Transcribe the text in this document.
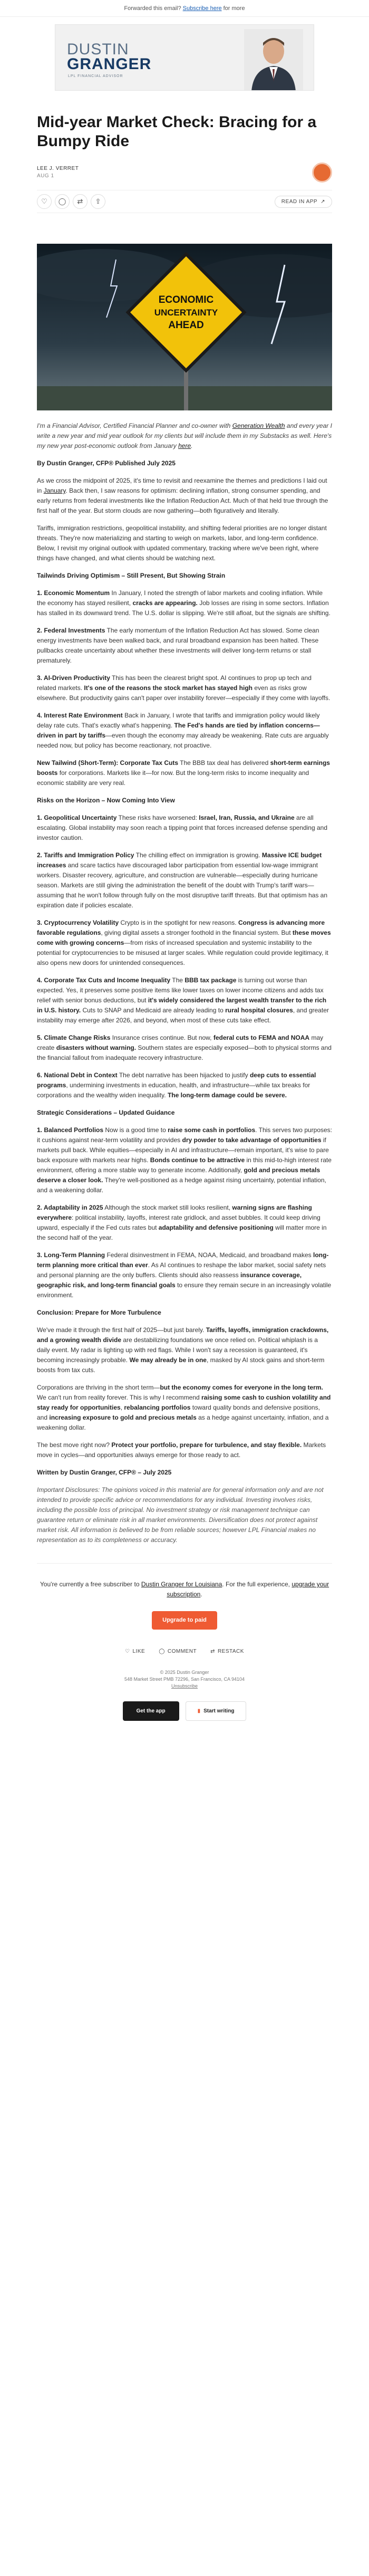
Forwarded this email? Subscribe here for more
DUSTIN
GRANGER
LPL FINANCIAL ADVISOR
Mid-year Market Check: Bracing for a Bumpy Ride
LEE J. VERRET
AUG 1
♡	◯	⇄	⇪	READ IN APP ↗
ECONOMIC
UNCERTAINTY
AHEAD

I'm a Financial Advisor, Certified Financial Planner and co-owner with Generation Wealth and every year I write a new year and mid year outlook for my clients but will include them in my Substacks as well. Here's my new year post-economic outlook from January here.

By Dustin Granger, CFP® Published July 2025

As we cross the midpoint of 2025, it's time to revisit and reexamine the themes and predictions I laid out in January. Back then, I saw reasons for optimism: declining inflation, strong consumer spending, and early returns from federal investments like the Inflation Reduction Act. Much of that held true through the first half of the year. But storm clouds are now gathering—both figuratively and literally.

Tariffs, immigration restrictions, geopolitical instability, and shifting federal priorities are no longer distant threats. They're now materializing and starting to weigh on markets, labor, and long-term confidence. Below, I revisit my original outlook with updated commentary, tracking where we've been right, where things have changed, and what clients should be watching next.

Tailwinds Driving Optimism – Still Present, But Showing Strain

1. Economic Momentum In January, I noted the strength of labor markets and cooling inflation. While the economy has stayed resilient, cracks are appearing. Job losses are rising in some sectors. Inflation has stalled in its downward trend. The U.S. dollar is slipping. We're still afloat, but the signals are shifting.

2. Federal Investments The early momentum of the Inflation Reduction Act has slowed. Some clean energy investments have been walked back, and rural broadband expansion has been halted. These pullbacks create uncertainty about whether these investments will deliver long-term returns or stall prematurely.

3. AI-Driven Productivity This has been the clearest bright spot. AI continues to prop up tech and related markets. It's one of the reasons the stock market has stayed high even as risks grow elsewhere. But productivity gains can't paper over instability forever—especially if they come with layoffs.

4. Interest Rate Environment Back in January, I wrote that tariffs and immigration policy would likely delay rate cuts. That's exactly what's happening. The Fed's hands are tied by inflation concerns—driven in part by tariffs—even though the economy may already be weakening. Rate cuts are arguably needed now, but policy has become reactionary, not proactive.

New Tailwind (Short-Term): Corporate Tax Cuts The BBB tax deal has delivered short-term earnings boosts for corporations. Markets like it—for now. But the long-term risks to income inequality and economic stability are very real.

Risks on the Horizon – Now Coming Into View

1. Geopolitical Uncertainty These risks have worsened: Israel, Iran, Russia, and Ukraine are all escalating. Global instability may soon reach a tipping point that forces increased defense spending and investor caution.

2. Tariffs and Immigration Policy The chilling effect on immigration is growing. Massive ICE budget increases and scare tactics have discouraged labor participation from essential low-wage immigrant workers. Disaster recovery, agriculture, and construction are vulnerable—especially during hurricane season. Markets are still giving the administration the benefit of the doubt with Trump's tariff wars— assuming that he won't follow through fully on the most disruptive tariff threats. But that optimism has an expiration date if policies escalate.

3. Cryptocurrency Volatility Crypto is in the spotlight for new reasons. Congress is advancing more favorable regulations, giving digital assets a stronger foothold in the financial system. But these moves come with growing concerns—from risks of increased speculation and systemic instability to the potential for cryptocurrencies to be misused at larger scales. While regulation could provide legitimacy, it also opens new doors for unintended consequences.

4. Corporate Tax Cuts and Income Inequality The BBB tax package is turning out worse than expected. Yes, it preserves some positive items like lower taxes on lower income citizens and adds tax relief with senior bonus deductions, but it's widely considered the largest wealth transfer to the rich in U.S. history. Cuts to SNAP and Medicaid are already leading to rural hospital closures, and greater instability may emerge after 2026, and beyond, when most of these cuts take effect.

5. Climate Change Risks Insurance crises continue. But now, federal cuts to FEMA and NOAA may create disasters without warning. Southern states are especially exposed—both to physical storms and the financial fallout from inadequate recovery infrastructure.

6. National Debt in Context The debt narrative has been hijacked to justify deep cuts to essential programs, undermining investments in education, health, and infrastructure—while tax breaks for corporations and the wealthy widen inequality. The long-term damage could be severe.

Strategic Considerations – Updated Guidance

1. Balanced Portfolios Now is a good time to raise some cash in portfolios. This serves two purposes: it cushions against near-term volatility and provides dry powder to take advantage of opportunities if markets pull back. While equities—especially in AI and infrastructure—remain important, it's wise to pare back exposure with markets near highs. Bonds continue to be attractive in this mid-to-high interest rate environment, offering a more stable way to generate income. Additionally, gold and precious metals deserve a closer look. They're well-positioned as a hedge against rising uncertainty, potential inflation, and a weakening dollar.

2. Adaptability in 2025 Although the stock market still looks resilient, warning signs are flashing everywhere: political instability, layoffs, interest rate gridlock, and asset bubbles. It could keep driving upward, especially if the Fed cuts rates but adaptability and defensive positioning will matter more in the second half of the year.

3. Long-Term Planning Federal disinvestment in FEMA, NOAA, Medicaid, and broadband makes long-term planning more critical than ever. As AI continues to reshape the labor market, social safety nets and personal planning are the only buffers. Clients should also reassess insurance coverage, geographic risk, and long-term financial goals to ensure they remain secure in an increasingly volatile environment.

Conclusion: Prepare for More Turbulence

We've made it through the first half of 2025—but just barely. Tariffs, layoffs, immigration crackdowns, and a growing wealth divide are destabilizing foundations we once relied on. Political whiplash is a daily event. My radar is lighting up with red flags. While I won't say a recession is guaranteed, it's becoming increasingly probable. We may already be in one, masked by AI stock gains and short-term boosts from tax cuts.

Corporations are thriving in the short term—but the economy comes for everyone in the long term. We can't run from reality forever. This is why I recommend raising some cash to cushion volatility and stay ready for opportunities, rebalancing portfolios toward quality bonds and defensive positions, and increasing exposure to gold and precious metals as a hedge against uncertainty, inflation, and a weakening dollar.

The best move right now? Protect your portfolio, prepare for turbulence, and stay flexible. Markets move in cycles—and opportunities always emerge for those ready to act.

Written by Dustin Granger, CFP® – July 2025

Important Disclosures: The opinions voiced in this material are for general information only and are not intended to provide specific advice or recommendations for any individual. Investing involves risks, including the possible loss of principal. No investment strategy or risk management technique can guarantee return or eliminate risk in all market environments. Diversification does not protect against market risk. All information is believed to be from reliable sources; however LPL Financial makes no representation as to its completeness or accuracy.

You're currently a free subscriber to Dustin Granger for Louisiana. For the full experience, upgrade your subscription.
Upgrade to paid
♡ LIKE	◯ COMMENT	⇄ RESTACK
© 2025 Dustin Granger
548 Market Street PMB 72296, San Francisco, CA 94104
Unsubscribe
Get the app	▮ Start writing
